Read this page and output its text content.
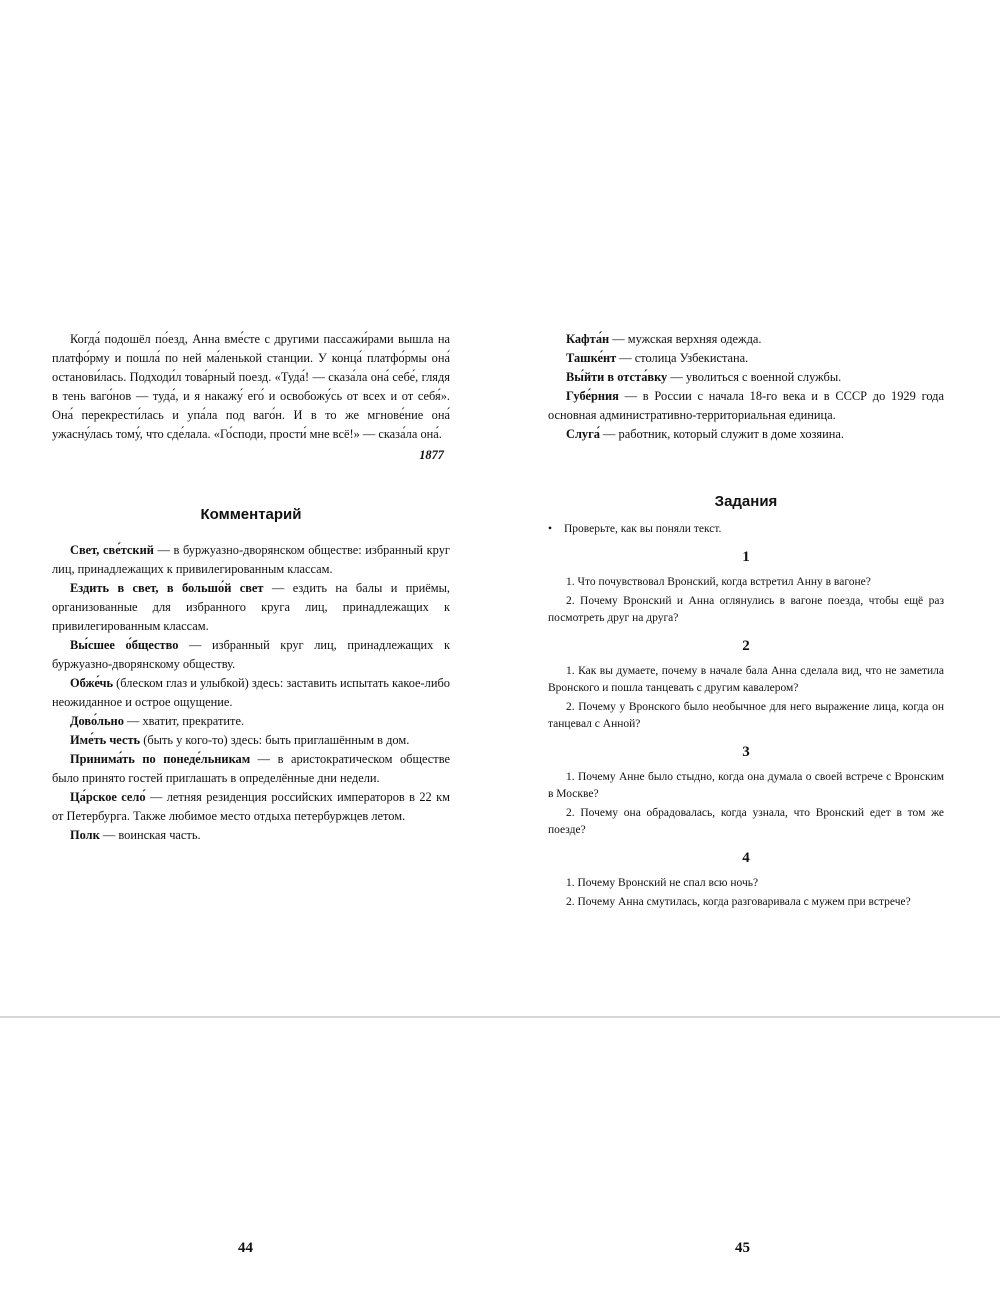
Когда́ подошёл по́езд, Анна вме́сте с другими пассажи́рами вышла на платфо́рму и пошла́ по ней ма́ленькой станции. У конца́ платфо́рмы она́ останови́лась. Подходи́л това́рный поезд. «Туда́! — сказа́ла она́ себе́, глядя в тень ваго́нов — туда́, и я накажу́ его́ и освобожу́сь от всех и от себя́». Она́ перекрести́лась и упа́ла под ваго́н. И в то же мгнове́ние она́ ужасну́лась тому́, что сде́лала. «Го́споди, прости́ мне всё!» — сказа́ла она́.

1877
Комментарий

Свет, све́тский — в буржуазно-дворянском обществе: избранный круг лиц, принадлежащих к привилегированным классам.

Ездить в свет, в большо́й свет — ездить на балы и приёмы, организованные для избранного круга лиц, принадлежащих к привилегированным классам.

Вы́сшее о́бщество — избранный круг лиц, принадлежащих к буржуазно-дворянскому обществу.

Обже́чь (блеском глаз и улыбкой) здесь: заставить испытать какое-либо неожиданное и острое ощущение.

Дово́льно — хватит, прекратите.

Име́ть честь (быть у кого-то) здесь: быть приглашённым в дом.

Принима́ть по понеде́льникам — в аристократическом обществе было принято гостей приглашать в определённые дни недели.

Ца́рское село́ — летняя резиденция российских императоров в 22 км от Петербурга. Также любимое место отдыха петербуржцев летом.

Полк — воинская часть.

44

Кафта́н — мужская верхняя одежда.

Ташке́нт — столица Узбекистана.

Вы́йти в отста́вку — уволиться с военной службы.

Губе́рния — в России с начала 18-го века и в СССР до 1929 года основная административно-территориальная единица.

Слуга́ — работник, который служит в доме хозяина.

Задания
• Проверьте, как вы поняли текст.
1

1. Что почувствовал Вронский, когда встретил Анну в вагоне?

2. Почему Вронский и Анна оглянулись в вагоне поезда, чтобы ещё раз посмотреть друг на друга?

2

1. Как вы думаете, почему в начале бала Анна сделала вид, что не заметила Вронского и пошла танцевать с другим кавалером?

2. Почему у Вронского было необычное для него выражение лица, когда он танцевал с Анной?

3

1. Почему Анне было стыдно, когда она думала о своей встрече с Вронским в Москве?

2. Почему она обрадовалась, когда узнала, что Вронский едет в том же поезде?

4

1. Почему Вронский не спал всю ночь?

2. Почему Анна смутилась, когда разговаривала с мужем при встрече?

45
